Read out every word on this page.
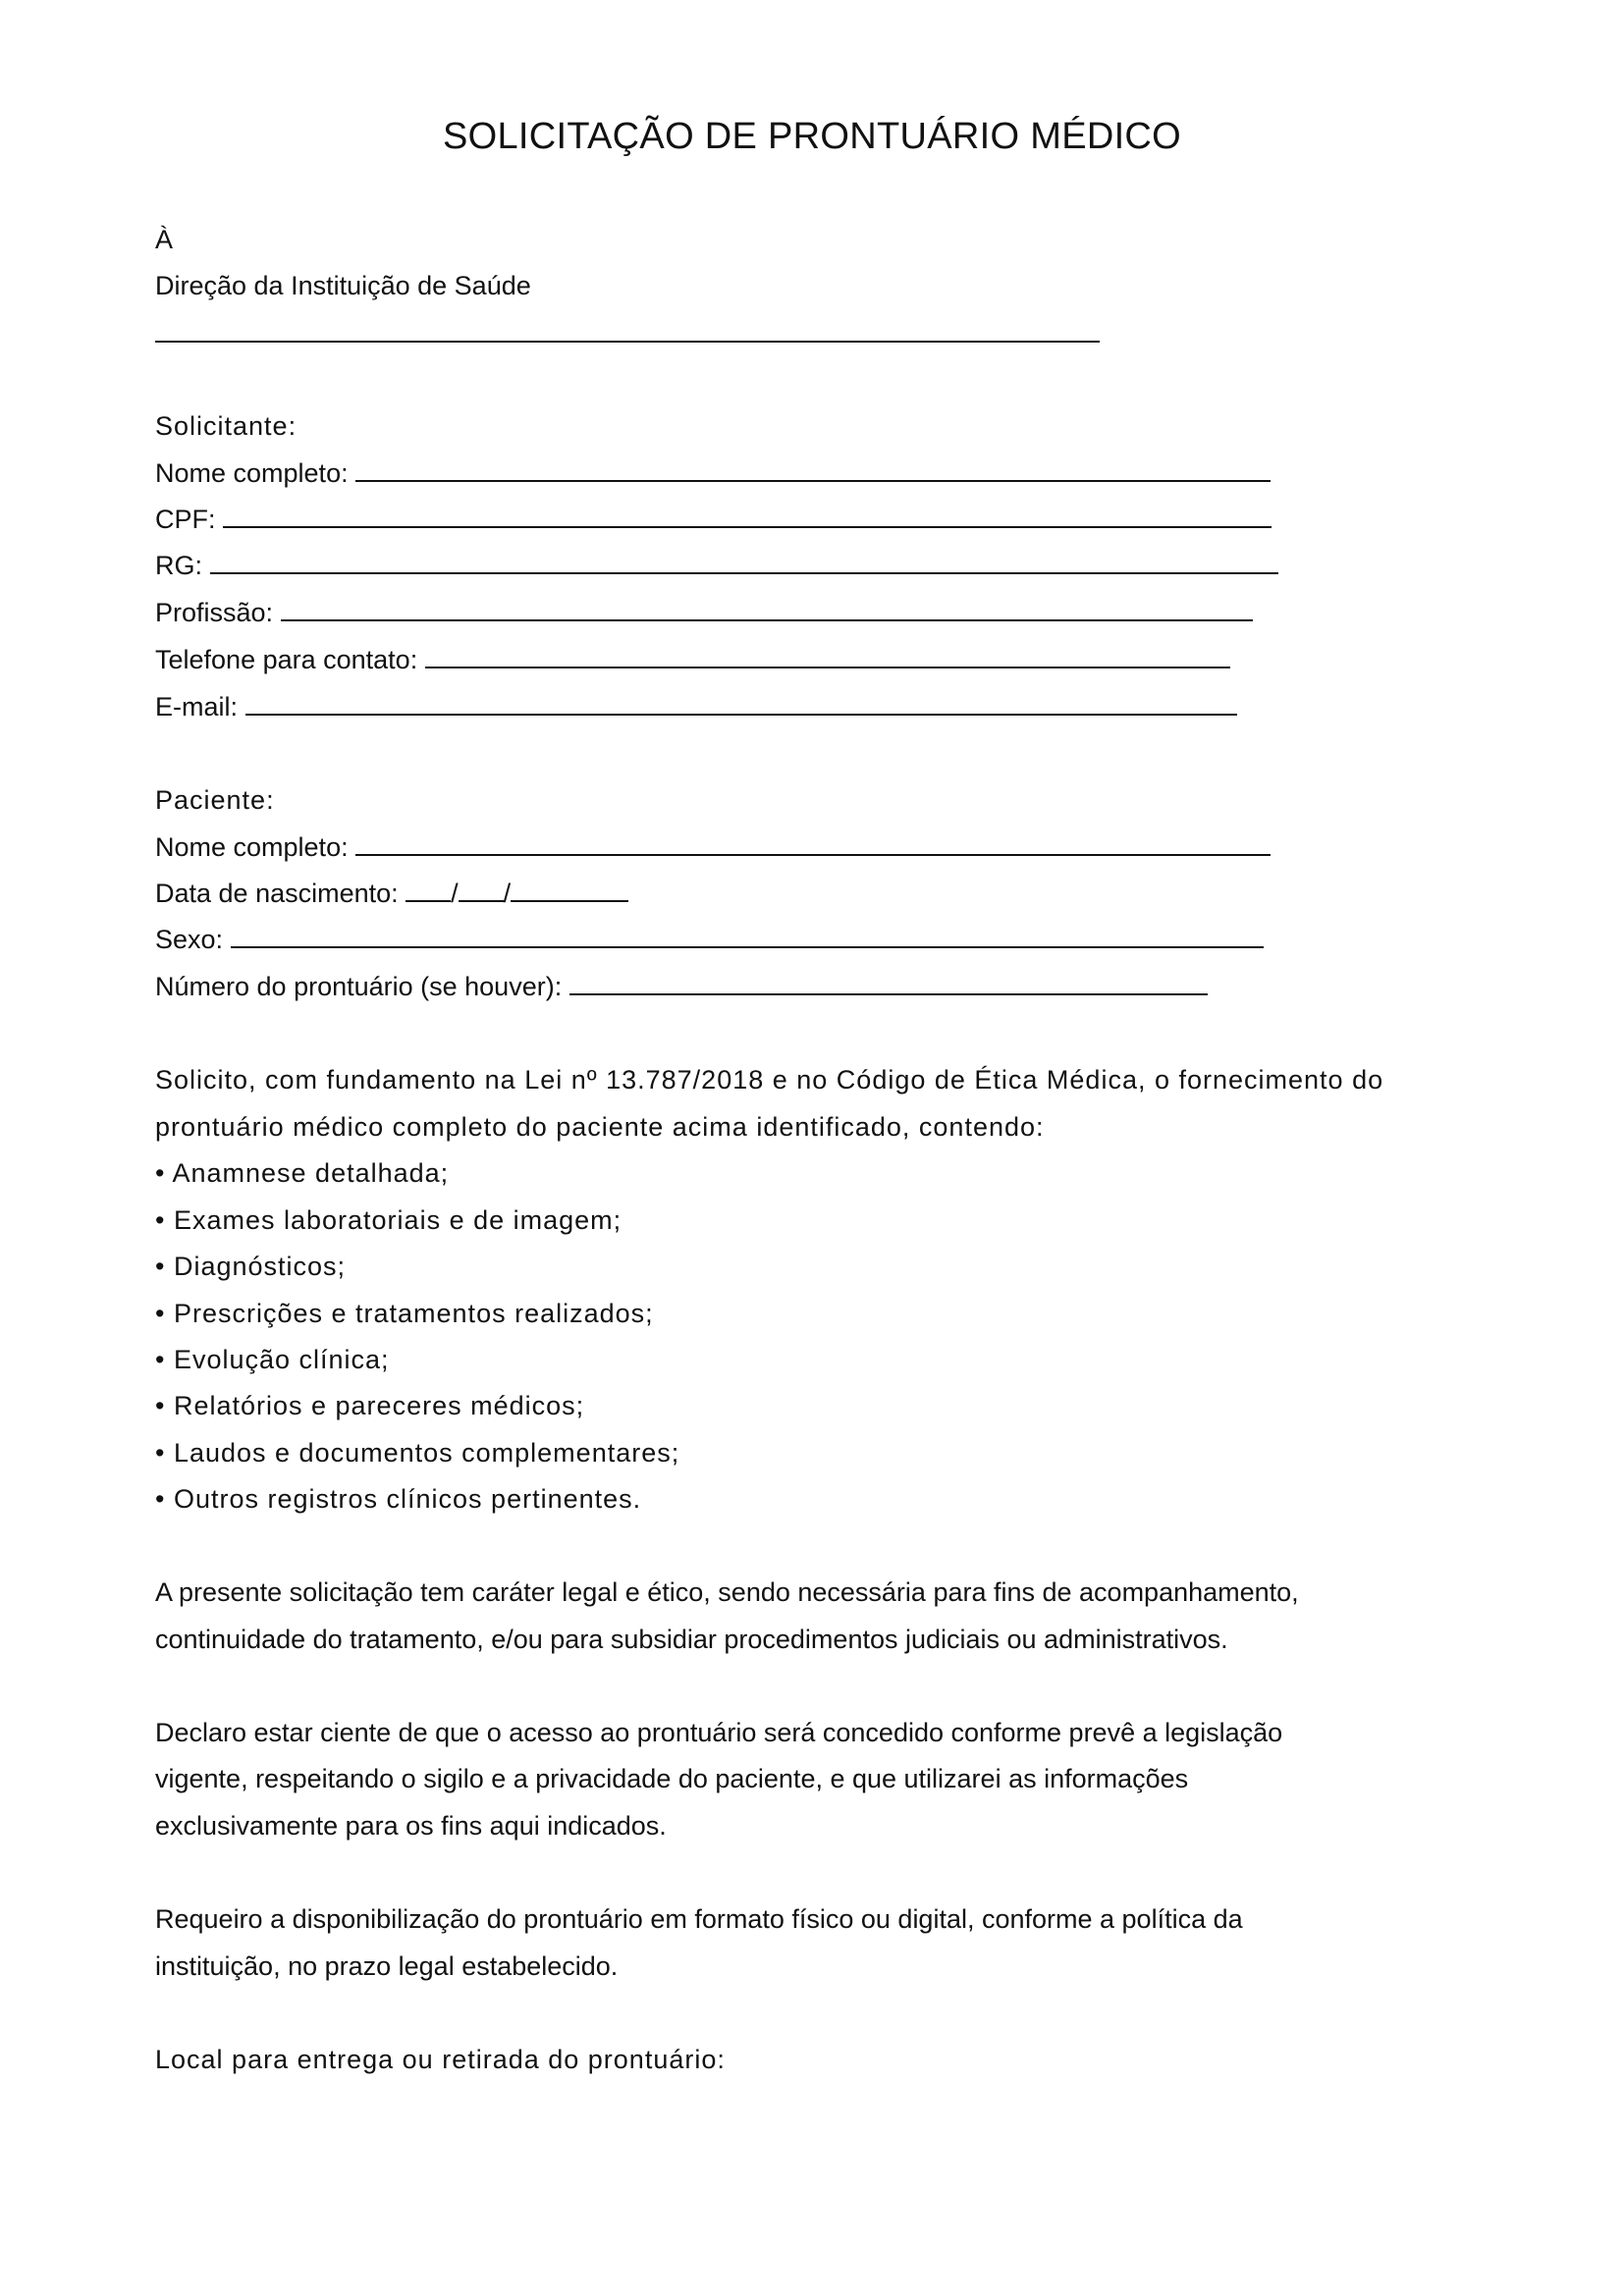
SOLICITAÇÃO DE PRONTUÁRIO MÉDICO
À
Direção da Instituição de Saúde
Solicitante:
Nome completo:
CPF:
RG:
Profissão:
Telefone para contato:
E-mail:
Paciente:
Nome completo:
Data de nascimento: / /
Sexo:
Número do prontuário (se houver):
Solicito, com fundamento na Lei nº 13.787/2018 e no Código de Ética Médica, o fornecimento do
prontuário médico completo do paciente acima identificado, contendo:
• Anamnese detalhada;
• Exames laboratoriais e de imagem;
• Diagnósticos;
• Prescrições e tratamentos realizados;
• Evolução clínica;
• Relatórios e pareceres médicos;
• Laudos e documentos complementares;
• Outros registros clínicos pertinentes.
A presente solicitação tem caráter legal e ético, sendo necessária para fins de acompanhamento,
continuidade do tratamento, e/ou para subsidiar procedimentos judiciais ou administrativos.
Declaro estar ciente de que o acesso ao prontuário será concedido conforme prevê a legislação
vigente, respeitando o sigilo e a privacidade do paciente, e que utilizarei as informações
exclusivamente para os fins aqui indicados.
Requeiro a disponibilização do prontuário em formato físico ou digital, conforme a política da
instituição, no prazo legal estabelecido.
Local para entrega ou retirada do prontuário:
